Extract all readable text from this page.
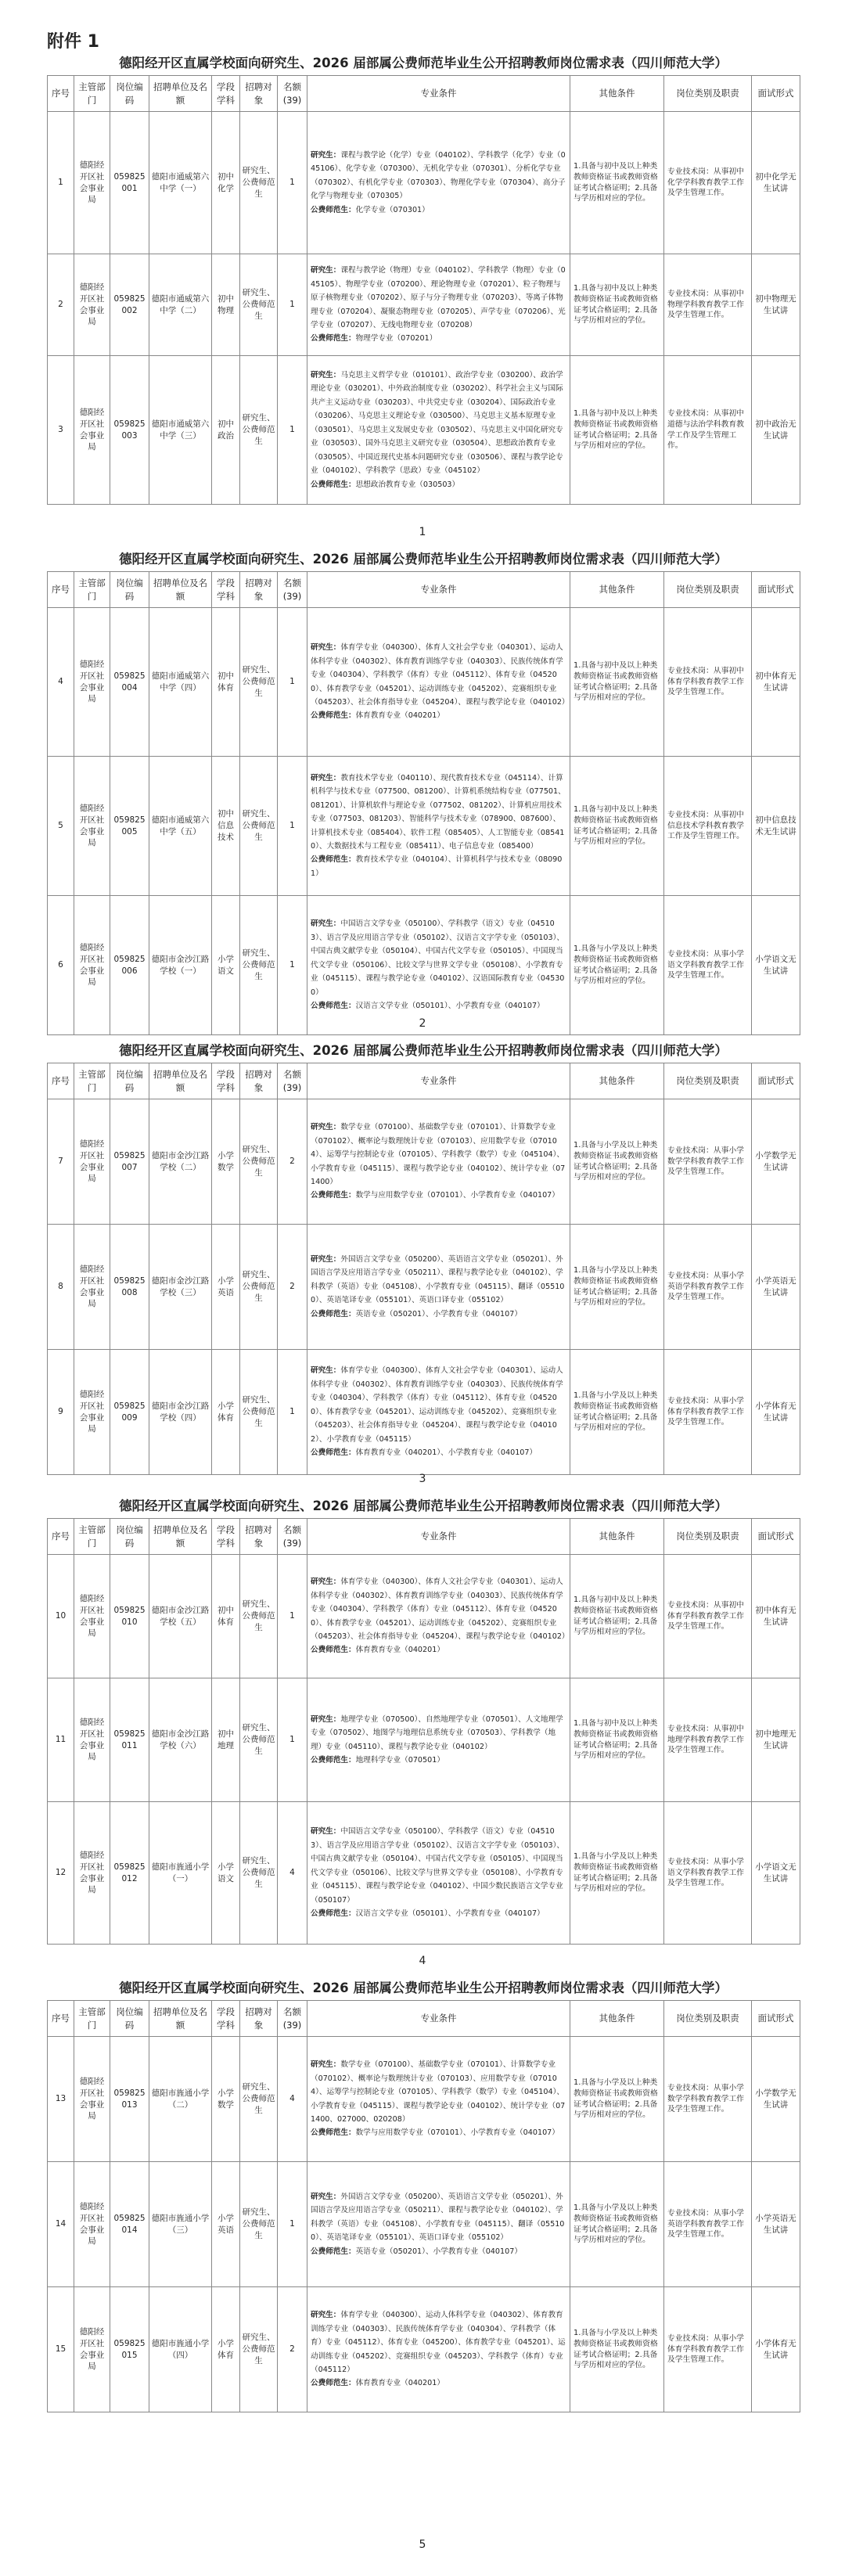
附件 1
德阳经开区直属学校面向研究生、2026 届部属公费师范毕业生公开招聘教师岗位需求表（四川师范大学）
序号	主管部门	岗位编码	招聘单位及名额	学段学科	招聘对象	名额(39)	专业条件	其他条件	岗位类别及职责	面试形式
1	德阳经开区社会事业局	059825001	德阳市通威第六中学（一）	初中化学	研究生、公费师范生	1	研究生：课程与教学论（化学）专业（040102）、学科教学（化学）专业（045106）、化学专业（070300）、无机化学专业（070301）、分析化学专业（070302）、有机化学专业（070303）、物理化学专业（070304）、高分子化学与物理专业（070305）
公费师范生：化学专业（070301）	1.具备与初中及以上种类教师资格证书或教师资格证考试合格证明；2.具备与学历相对应的学位。	专业技术岗：从事初中化学学科教育教学工作及学生管理工作。	初中化学无生试讲
2	德阳经开区社会事业局	059825002	德阳市通威第六中学（二）	初中物理	研究生、公费师范生	1	研究生：课程与教学论（物理）专业（040102）、学科教学（物理）专业（045105）、物理学专业（070200）、理论物理专业（070201）、粒子物理与原子核物理专业（070202）、原子与分子物理专业（070203）、等离子体物理专业（070204）、凝聚态物理专业（070205）、声学专业（070206）、光学专业（070207）、无线电物理专业（070208）
公费师范生：物理学专业（070201）	1.具备与初中及以上种类教师资格证书或教师资格证考试合格证明；2.具备与学历相对应的学位。	专业技术岗：从事初中物理学科教育教学工作及学生管理工作。	初中物理无生试讲
3	德阳经开区社会事业局	059825003	德阳市通威第六中学（三）	初中政治	研究生、公费师范生	1	研究生：马克思主义哲学专业（010101）、政治学专业（030200）、政治学理论专业（030201）、中外政治制度专业（030202）、科学社会主义与国际共产主义运动专业（030203）、中共党史专业（030204）、国际政治专业（030206）、马克思主义理论专业（030500）、马克思主义基本原理专业（030501）、马克思主义发展史专业（030502）、马克思主义中国化研究专业（030503）、国外马克思主义研究专业（030504）、思想政治教育专业（030505）、中国近现代史基本问题研究专业（030506）、课程与教学论专业（040102）、学科教学（思政）专业（045102）
公费师范生：思想政治教育专业（030503）	1.具备与初中及以上种类教师资格证书或教师资格证考试合格证明；2.具备与学历相对应的学位。	专业技术岗：从事初中道德与法治学科教育教学工作及学生管理工作。	初中政治无生试讲
1
德阳经开区直属学校面向研究生、2026 届部属公费师范毕业生公开招聘教师岗位需求表（四川师范大学）
序号	主管部门	岗位编码	招聘单位及名额	学段学科	招聘对象	名额(39)	专业条件	其他条件	岗位类别及职责	面试形式
4	德阳经开区社会事业局	059825004	德阳市通威第六中学（四）	初中体育	研究生、公费师范生	1	研究生：体育学专业（040300）、体育人文社会学专业（040301）、运动人体科学专业（040302）、体育教育训练学专业（040303）、民族传统体育学专业（040304）、学科教学（体育）专业（045112）、体育专业（045200）、体育教学专业（045201）、运动训练专业（045202）、竞赛组织专业（045203）、社会体育指导专业（045204）、课程与教学论专业（040102）
公费师范生：体育教育专业（040201）	1.具备与初中及以上种类教师资格证书或教师资格证考试合格证明；2.具备与学历相对应的学位。	专业技术岗：从事初中体育学科教育教学工作及学生管理工作。	初中体育无生试讲
5	德阳经开区社会事业局	059825005	德阳市通威第六中学（五）	初中信息技术	研究生、公费师范生	1	研究生：教育技术学专业（040110）、现代教育技术专业（045114）、计算机科学与技术专业（077500、081200）、计算机系统结构专业（077501、081201）、计算机软件与理论专业（077502、081202）、计算机应用技术专业（077503、081203）、智能科学与技术专业（078900、087600）、计算机技术专业（085404）、软件工程（085405）、人工智能专业（085410）、大数据技术与工程专业（085411）、电子信息专业（085400）
公费师范生：教育技术学专业（040104）、计算机科学与技术专业（080901）	1.具备与初中及以上种类教师资格证书或教师资格证考试合格证明；2.具备与学历相对应的学位。	专业技术岗：从事初中信息技术学科教育教学工作及学生管理工作。	初中信息技术无生试讲
6	德阳经开区社会事业局	059825006	德阳市金沙江路学校（一）	小学语文	研究生、公费师范生	1	研究生：中国语言文学专业（050100）、学科教学（语文）专业（045103）、语言学及应用语言学专业（050102）、汉语言文字学专业（050103）、中国古典文献学专业（050104）、中国古代文学专业（050105）、中国现当代文学专业（050106）、比较文学与世界文学专业（050108）、小学教育专业（045115）、课程与教学论专业（040102）、汉语国际教育专业（045300）
公费师范生：汉语言文学专业（050101）、小学教育专业（040107）	1.具备与小学及以上种类教师资格证书或教师资格证考试合格证明；2.具备与学历相对应的学位。	专业技术岗：从事小学语文学科教育教学工作及学生管理工作。	小学语文无生试讲
2
德阳经开区直属学校面向研究生、2026 届部属公费师范毕业生公开招聘教师岗位需求表（四川师范大学）
序号	主管部门	岗位编码	招聘单位及名额	学段学科	招聘对象	名额(39)	专业条件	其他条件	岗位类别及职责	面试形式
7	德阳经开区社会事业局	059825007	德阳市金沙江路学校（二）	小学数学	研究生、公费师范生	2	研究生：数学专业（070100）、基础数学专业（070101）、计算数学专业（070102）、概率论与数理统计专业（070103）、应用数学专业（070104）、运筹学与控制论专业（070105）、学科教学（数学）专业（045104）、小学教育专业（045115）、课程与教学论专业（040102）、统计学专业（071400）
公费师范生：数学与应用数学专业（070101）、小学教育专业（040107）	1.具备与小学及以上种类教师资格证书或教师资格证考试合格证明；2.具备与学历相对应的学位。	专业技术岗：从事小学数学学科教育教学工作及学生管理工作。	小学数学无生试讲
8	德阳经开区社会事业局	059825008	德阳市金沙江路学校（三）	小学英语	研究生、公费师范生	2	研究生：外国语言文学专业（050200）、英语语言文学专业（050201）、外国语言学及应用语言学专业（050211）、课程与教学论专业（040102）、学科教学（英语）专业（045108）、小学教育专业（045115）、翻译（055100）、英语笔译专业（055101）、英语口译专业（055102）
公费师范生：英语专业（050201）、小学教育专业（040107）	1.具备与小学及以上种类教师资格证书或教师资格证考试合格证明；2.具备与学历相对应的学位。	专业技术岗：从事小学英语学科教育教学工作及学生管理工作。	小学英语无生试讲
9	德阳经开区社会事业局	059825009	德阳市金沙江路学校（四）	小学体育	研究生、公费师范生	1	研究生：体育学专业（040300）、体育人文社会学专业（040301）、运动人体科学专业（040302）、体育教育训练学专业（040303）、民族传统体育学专业（040304）、学科教学（体育）专业（045112）、体育专业（045200）、体育教学专业（045201）、运动训练专业（045202）、竞赛组织专业（045203）、社会体育指导专业（045204）、课程与教学论专业（040102）、小学教育专业（045115）
公费师范生：体育教育专业（040201）、小学教育专业（040107）	1.具备与小学及以上种类教师资格证书或教师资格证考试合格证明；2.具备与学历相对应的学位。	专业技术岗：从事小学体育学科教育教学工作及学生管理工作。	小学体育无生试讲
3
德阳经开区直属学校面向研究生、2026 届部属公费师范毕业生公开招聘教师岗位需求表（四川师范大学）
序号	主管部门	岗位编码	招聘单位及名额	学段学科	招聘对象	名额(39)	专业条件	其他条件	岗位类别及职责	面试形式
10	德阳经开区社会事业局	059825010	德阳市金沙江路学校（五）	初中体育	研究生、公费师范生	1	研究生：体育学专业（040300）、体育人文社会学专业（040301）、运动人体科学专业（040302）、体育教育训练学专业（040303）、民族传统体育学专业（040304）、学科教学（体育）专业（045112）、体育专业（045200）、体育教学专业（045201）、运动训练专业（045202）、竞赛组织专业（045203）、社会体育指导专业（045204）、课程与教学论专业（040102）
公费师范生：体育教育专业（040201）	1.具备与初中及以上种类教师资格证书或教师资格证考试合格证明；2.具备与学历相对应的学位。	专业技术岗：从事初中体育学科教育教学工作及学生管理工作。	初中体育无生试讲
11	德阳经开区社会事业局	059825011	德阳市金沙江路学校（六）	初中地理	研究生、公费师范生	1	研究生：地理学专业（070500）、自然地理学专业（070501）、人文地理学专业（070502）、地图学与地理信息系统专业（070503）、学科教学（地理）专业（045110）、课程与教学论专业（040102）
公费师范生：地理科学专业（070501）	1.具备与初中及以上种类教师资格证书或教师资格证考试合格证明；2.具备与学历相对应的学位。	专业技术岗：从事初中地理学科教育教学工作及学生管理工作。	初中地理无生试讲
12	德阳经开区社会事业局	059825012	德阳市旌通小学（一）	小学语文	研究生、公费师范生	4	研究生：中国语言文学专业（050100）、学科教学（语文）专业（045103）、语言学及应用语言学专业（050102）、汉语言文字学专业（050103）、中国古典文献学专业（050104）、中国古代文学专业（050105）、中国现当代文学专业（050106）、比较文学与世界文学专业（050108）、小学教育专业（045115）、课程与教学论专业（040102）、中国少数民族语言文学专业（050107）
公费师范生：汉语言文学专业（050101）、小学教育专业（040107）	1.具备与小学及以上种类教师资格证书或教师资格证考试合格证明；2.具备与学历相对应的学位。	专业技术岗：从事小学语文学科教育教学工作及学生管理工作。	小学语文无生试讲
4
德阳经开区直属学校面向研究生、2026 届部属公费师范毕业生公开招聘教师岗位需求表（四川师范大学）
序号	主管部门	岗位编码	招聘单位及名额	学段学科	招聘对象	名额(39)	专业条件	其他条件	岗位类别及职责	面试形式
13	德阳经开区社会事业局	059825013	德阳市旌通小学（二）	小学数学	研究生、公费师范生	4	研究生：数学专业（070100）、基础数学专业（070101）、计算数学专业（070102）、概率论与数理统计专业（070103）、应用数学专业（070104）、运筹学与控制论专业（070105）、学科教学（数学）专业（045104）、小学教育专业（045115）、课程与教学论专业（040102）、统计学专业（071400、027000、020208）
公费师范生：数学与应用数学专业（070101）、小学教育专业（040107）	1.具备与小学及以上种类教师资格证书或教师资格证考试合格证明；2.具备与学历相对应的学位。	专业技术岗：从事小学数学学科教育教学工作及学生管理工作。	小学数学无生试讲
14	德阳经开区社会事业局	059825014	德阳市旌通小学（三）	小学英语	研究生、公费师范生	1	研究生：外国语言文学专业（050200）、英语语言文学专业（050201）、外国语言学及应用语言学专业（050211）、课程与教学论专业（040102）、学科教学（英语）专业（045108）、小学教育专业（045115）、翻译（055100）、英语笔译专业（055101）、英语口译专业（055102）
公费师范生：英语专业（050201）、小学教育专业（040107）	1.具备与小学及以上种类教师资格证书或教师资格证考试合格证明；2.具备与学历相对应的学位。	专业技术岗：从事小学英语学科教育教学工作及学生管理工作。	小学英语无生试讲
15	德阳经开区社会事业局	059825015	德阳市旌通小学（四）	小学体育	研究生、公费师范生	2	研究生：体育学专业（040300）、运动人体科学专业（040302）、体育教育训练学专业（040303）、民族传统体育学专业（040304）、学科教学（体育）专业（045112）、体育专业（045200）、体育教学专业（045201）、运动训练专业（045202）、竞赛组织专业（045203）、学科教学（体育）专业（045112）
公费师范生：体育教育专业（040201）	1.具备与小学及以上种类教师资格证书或教师资格证考试合格证明；2.具备与学历相对应的学位。	专业技术岗：从事小学体育学科教育教学工作及学生管理工作。	小学体育无生试讲
5
